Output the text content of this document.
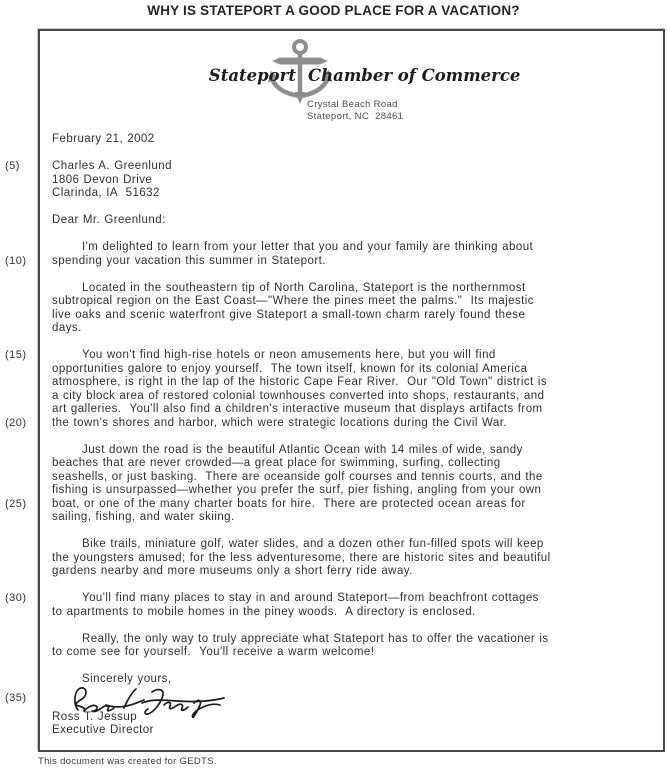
WHY IS STATEPORT A GOOD PLACE FOR A VACATION?
Stateport Chamber of Commerce
Crystal Beach Road
Stateport, NC  28461
February 21, 2002
Charles A. Greenlund
1806 Devon Drive
Clarinda, IA  51632
Dear Mr. Greenlund:
I'm delighted to learn from your letter that you and your family are thinking about
spending your vacation this summer in Stateport.
Located in the southeastern tip of North Carolina, Stateport is the northernmost
subtropical region on the East Coast—"Where the pines meet the palms."  Its majestic
live oaks and scenic waterfront give Stateport a small-town charm rarely found these
days.
You won't find high-rise hotels or neon amusements here, but you will find
opportunities galore to enjoy yourself.  The town itself, known for its colonial America
atmosphere, is right in the lap of the historic Cape Fear River.  Our "Old Town" district is
a city block area of restored colonial townhouses converted into shops, restaurants, and
art galleries.  You'll also find a children's interactive museum that displays artifacts from
the town's shores and harbor, which were strategic locations during the Civil War.
Just down the road is the beautiful Atlantic Ocean with 14 miles of wide, sandy
beaches that are never crowded—a great place for swimming, surfing, collecting
seashells, or just basking.  There are oceanside golf courses and tennis courts, and the
fishing is unsurpassed—whether you prefer the surf, pier fishing, angling from your own
boat, or one of the many charter boats for hire.  There are protected ocean areas for
sailing, fishing, and water skiing.
Bike trails, miniature golf, water slides, and a dozen other fun-filled spots will keep
the youngsters amused; for the less adventuresome, there are historic sites and beautiful
gardens nearby and more museums only a short ferry ride away.
You'll find many places to stay in and around Stateport—from beachfront cottages
to apartments to mobile homes in the piney woods.  A directory is enclosed.
Really, the only way to truly appreciate what Stateport has to offer the vacationer is
to come see for yourself.  You'll receive a warm welcome!
Sincerely yours,
Ross T. Jessup
Executive Director
This document was created for GEDTS.
(5)
(10)
(15)
(20)
(25)
(30)
(35)
